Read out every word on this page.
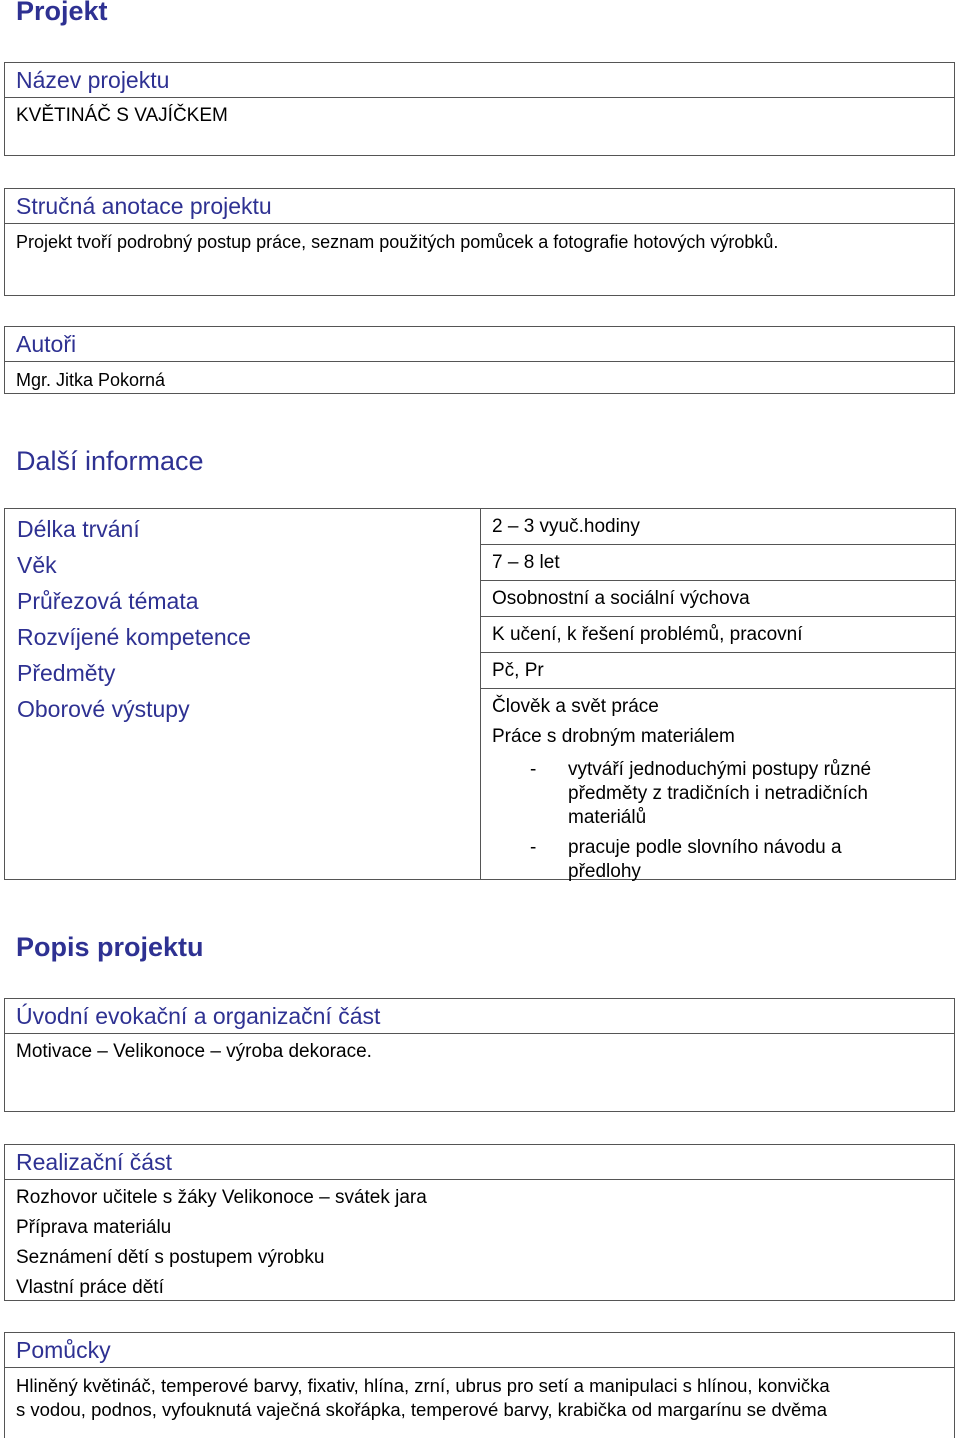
Projekt
Název projektu
KVĚTINÁČ S VAJÍČKEM
Stručná anotace projektu
Projekt tvoří podrobný postup práce, seznam použitých pomůcek a fotografie hotových výrobků.
Autoři
Mgr. Jitka Pokorná
Další informace
Délka trvání
Věk
Průřezová témata
Rozvíjené kompetence
Předměty
Oborové výstupy
2 – 3 vyuč.hodiny
7 – 8 let
Osobnostní a sociální výchova
K učení, k řešení problémů, pracovní
Pč, Pr
Člověk a svět práce
Práce s drobným materiálem
-	vytváří jednoduchými postupy různé předměty z tradičních i netradičních materiálů
-	pracuje podle slovního návodu a předlohy
Popis projektu
Úvodní evokační a organizační část
Motivace – Velikonoce – výroba dekorace.
Realizační část
Rozhovor učitele s žáky Velikonoce – svátek jara
Příprava materiálu
Seznámení dětí s postupem výrobku
Vlastní práce dětí
Pomůcky
Hliněný květináč, temperové barvy, fixativ, hlína, zrní, ubrus pro setí a manipulaci s hlínou, konvička
s vodou, podnos, vyfouknutá vaječná skořápka, temperové barvy, krabička od margarínu se dvěma
